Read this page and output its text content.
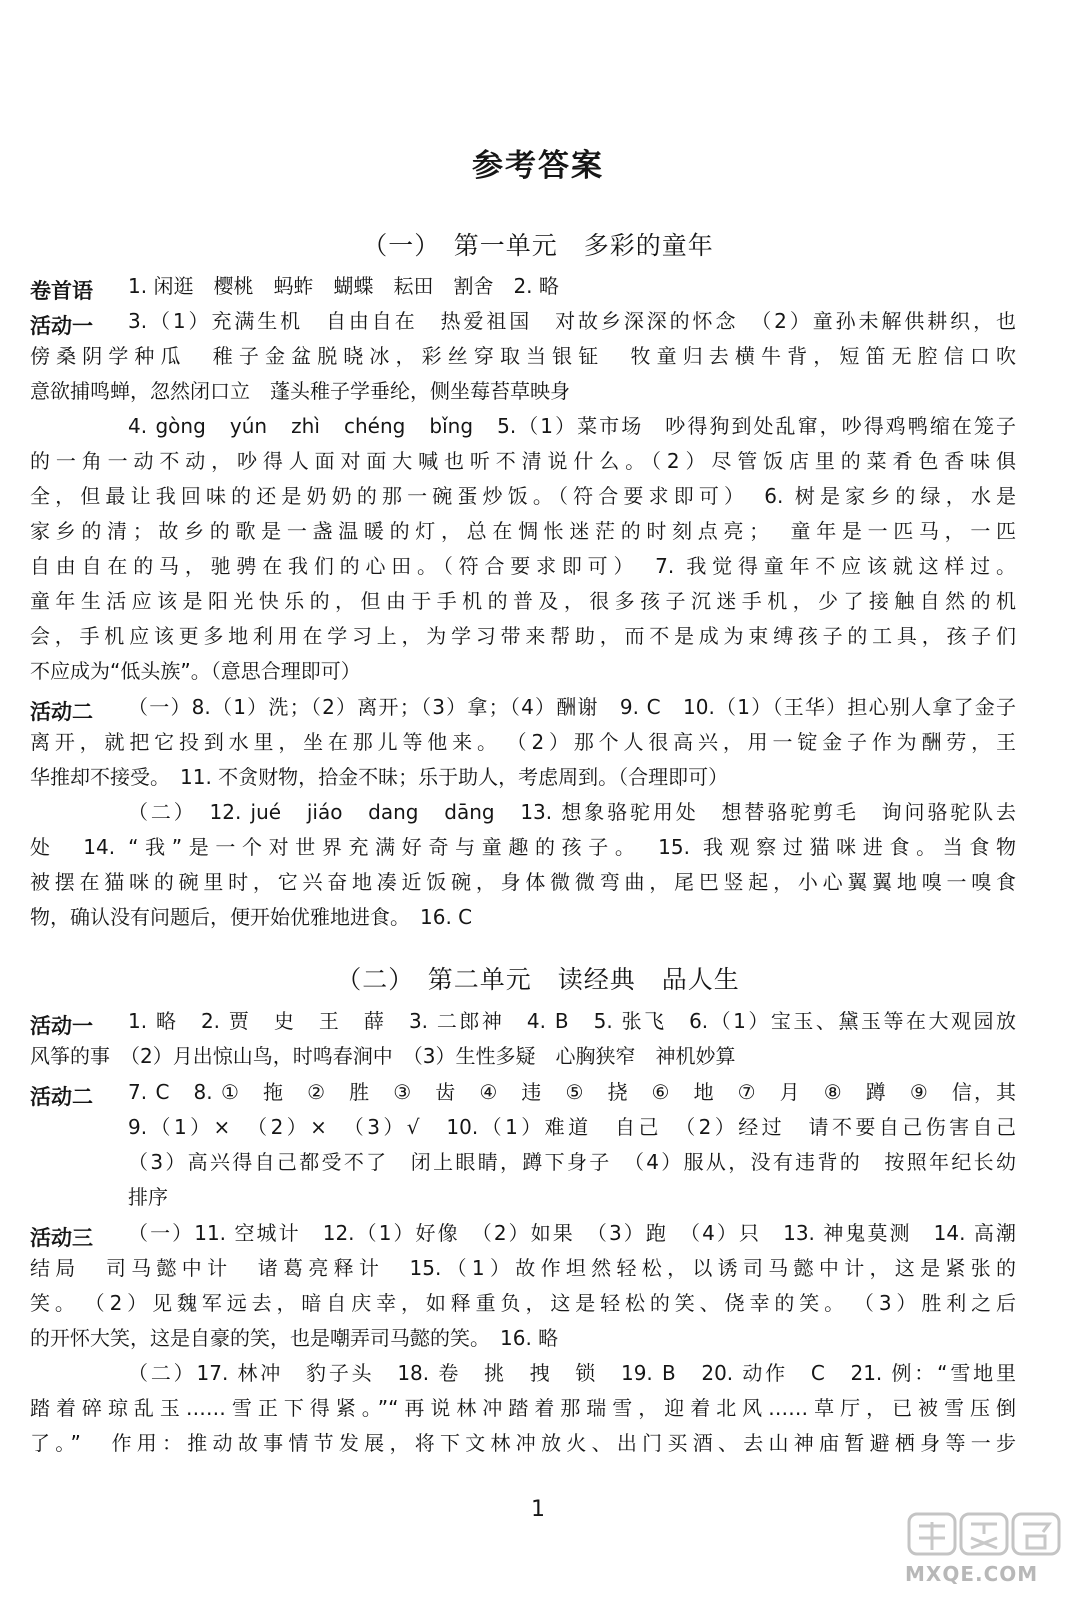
参考答案
（一）　第一单元　多彩的童年
卷首语 1. 闲逛　樱桃　蚂蚱　蝴蝶　耘田　割舍　2. 略
活动一 3.（1）充满生机　自由自在　热爱祖国　对故乡深深的怀念　（2）童孙未解供耕织，也
傍桑阴学种瓜　稚子金盆脱晓冰，彩丝穿取当银钲　牧童归去横牛背，短笛无腔信口吹
意欲捕鸣蝉，忽然闭口立　蓬头稚子学垂纶，侧坐莓苔草映身
4. gòng　yún　zhì　chéng　bǐng　5.（1）菜市场　吵得狗到处乱窜，吵得鸡鸭缩在笼子
的一角一动不动，吵得人面对面大喊也听不清说什么。（2）尽管饭店里的菜肴色香味俱
全，但最让我回味的还是奶奶的那一碗蛋炒饭。（符合要求即可）　6. 树是家乡的绿，水是
家乡的清；故乡的歌是一盏温暖的灯，总在惆怅迷茫的时刻点亮；　童年是一匹马，一匹
自由自在的马，驰骋在我们的心田。（符合要求即可）　7. 我觉得童年不应该就这样过。
童年生活应该是阳光快乐的，但由于手机的普及，很多孩子沉迷手机，少了接触自然的机
会，手机应该更多地利用在学习上，为学习带来帮助，而不是成为束缚孩子的工具，孩子们
不应成为“低头族”。（意思合理即可）
活动二 （一）8.（1）洗；（2）离开；（3）拿；（4）酬谢　9. C　10.（1）（王华）担心别人拿了金子
离开，就把它投到水里，坐在那儿等他来。　（2）那个人很高兴，用一锭金子作为酬劳，王
华推却不接受。　11. 不贪财物，拾金不昧；乐于助人，考虑周到。（合理即可）
（二）　12. jué　jiáo　dang　dāng　13. 想象骆驼用处　想替骆驼剪毛　询问骆驼队去
处　14. “我”是一个对世界充满好奇与童趣的孩子。　15. 我观察过猫咪进食。当食物
被摆在猫咪的碗里时，它兴奋地凑近饭碗，身体微微弯曲，尾巴竖起，小心翼翼地嗅一嗅食
物，确认没有问题后，便开始优雅地进食。　16. C
（二）　第二单元　读经典　品人生
活动一 1. 略　2. 贾　史　王　薛　3. 二郎神　4. B　5. 张飞　6.（1）宝玉、黛玉等在大观园放
风筝的事　（2）月出惊山鸟，时鸣春涧中　（3）生性多疑　心胸狭窄　神机妙算
活动二 7. C　8. ①　拖　②　胜　③　齿　④　违　⑤　挠　⑥　地　⑦　月　⑧　蹲　⑨　信，其
9.（1）×　（2）×　（3）√　10.（1）难道　自己　（2）经过　请不要自己伤害自己
（3）高兴得自己都受不了　闭上眼睛，蹲下身子　（4）服从，没有违背的　按照年纪长幼
排序
活动三 （一）11. 空城计　12.（1）好像　（2）如果　（3）跑　（4）只　13. 神鬼莫测　14. 高潮
结局　司马懿中计　诸葛亮释计　15.（1）故作坦然轻松，以诱司马懿中计，这是紧张的
笑。　（2）见魏军远去，暗自庆幸，如释重负，这是轻松的笑、侥幸的笑。　（3）胜利之后
的开怀大笑，这是自豪的笑，也是嘲弄司马懿的笑。　16. 略
（二）17. 林冲　豹子头　18. 卷　挑　拽　锁　19. B　20. 动作　C　21. 例：“雪地里
踏着碎琼乱玉……雪正下得紧。”“再说林冲踏着那瑞雪，迎着北风……草厅，已被雪压倒
了。”　作用：推动故事情节发展，将下文林冲放火、出门买酒、去山神庙暂避栖身等一步
1
MXQE.COM
